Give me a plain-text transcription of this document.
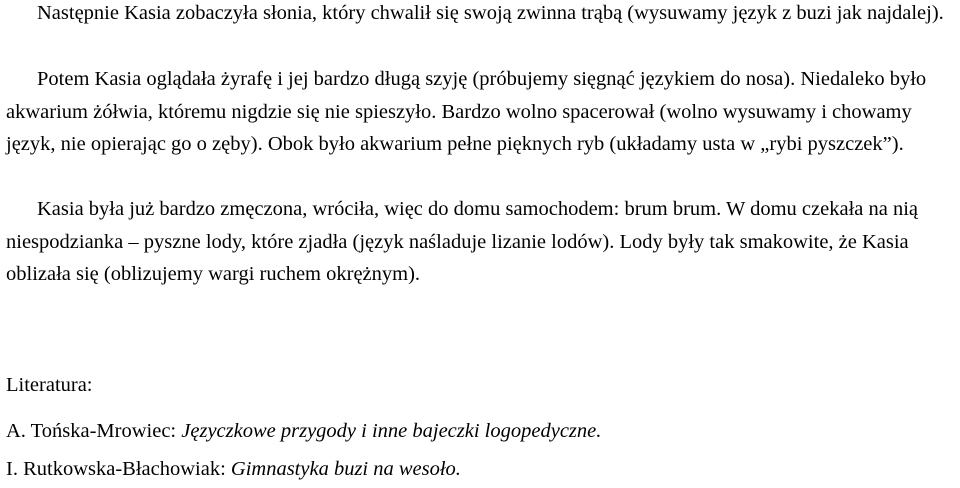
Następnie Kasia zobaczyła słonia, który chwalił się swoją zwinna trąbą (wysuwamy język z buzi jak najdalej).

Potem Kasia oglądała żyrafę i jej bardzo długą szyję (próbujemy sięgnąć językiem do nosa). Niedaleko było akwarium żółwia, któremu nigdzie się nie spieszyło. Bardzo wolno spacerował (wolno wysuwamy i chowamy język, nie opierając go o zęby). Obok było akwarium pełne pięknych ryb (układamy usta w „rybi pyszczek”).

Kasia była już bardzo zmęczona, wróciła, więc do domu samochodem: brum brum. W domu czekała na nią niespodzianka – pyszne lody, które zjadła (język naśladuje lizanie lodów). Lody były tak smakowite, że Kasia oblizała się (oblizujemy wargi ruchem okrężnym).

Literatura:

A. Tońska-Mrowiec: Języczkowe przygody i inne bajeczki logopedyczne.

I. Rutkowska-Błachowiak: Gimnastyka buzi na wesoło.
